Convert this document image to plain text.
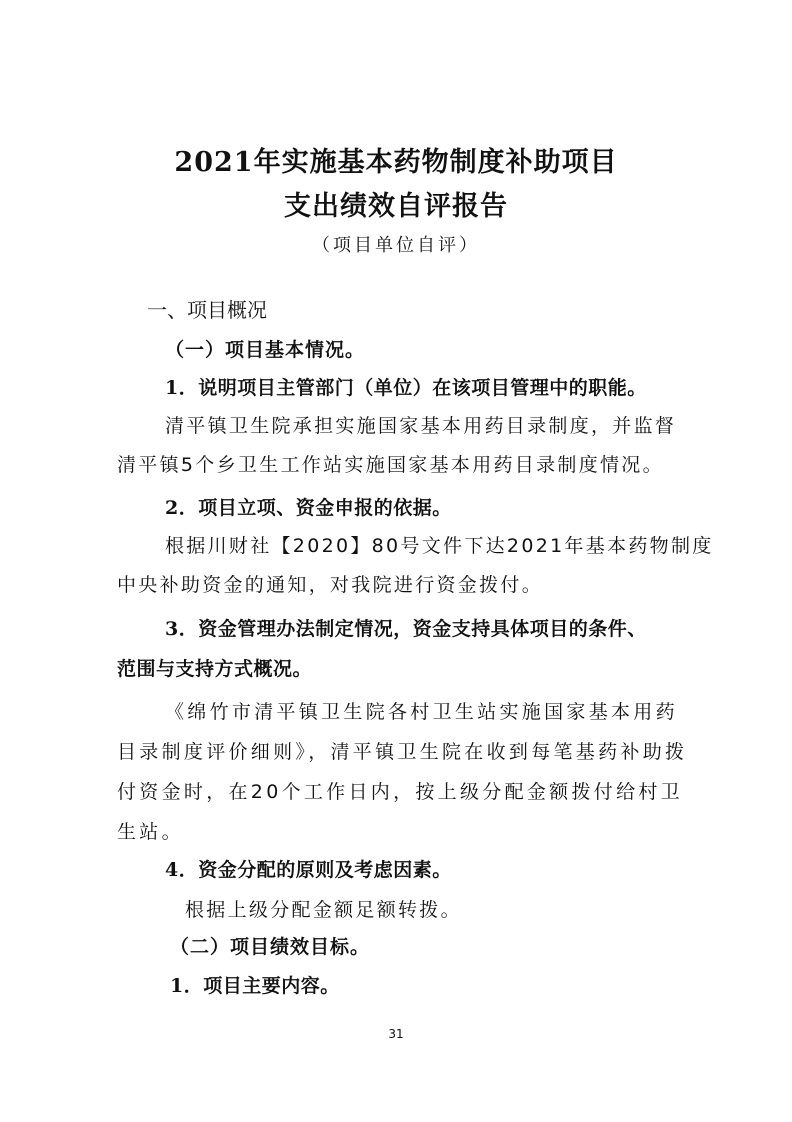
2021年实施基本药物制度补助项目
支出绩效自评报告
（项目单位自评）
一、项目概况
（一）项目基本情况。
1．说明项目主管部门（单位）在该项目管理中的职能。
清平镇卫生院承担实施国家基本用药目录制度，并监督
清平镇5个乡卫生工作站实施国家基本用药目录制度情况。
2．项目立项、资金申报的依据。
根据川财社【2020】80号文件下达2021年基本药物制度
中央补助资金的通知，对我院进行资金拨付。
3．资金管理办法制定情况，资金支持具体项目的条件、
范围与支持方式概况。
《绵竹市清平镇卫生院各村卫生站实施国家基本用药
目录制度评价细则》，清平镇卫生院在收到每笔基药补助拨
付资金时，在20个工作日内，按上级分配金额拨付给村卫
生站。
4．资金分配的原则及考虑因素。
根据上级分配金额足额转拨。
（二）项目绩效目标。
1．项目主要内容。
31
